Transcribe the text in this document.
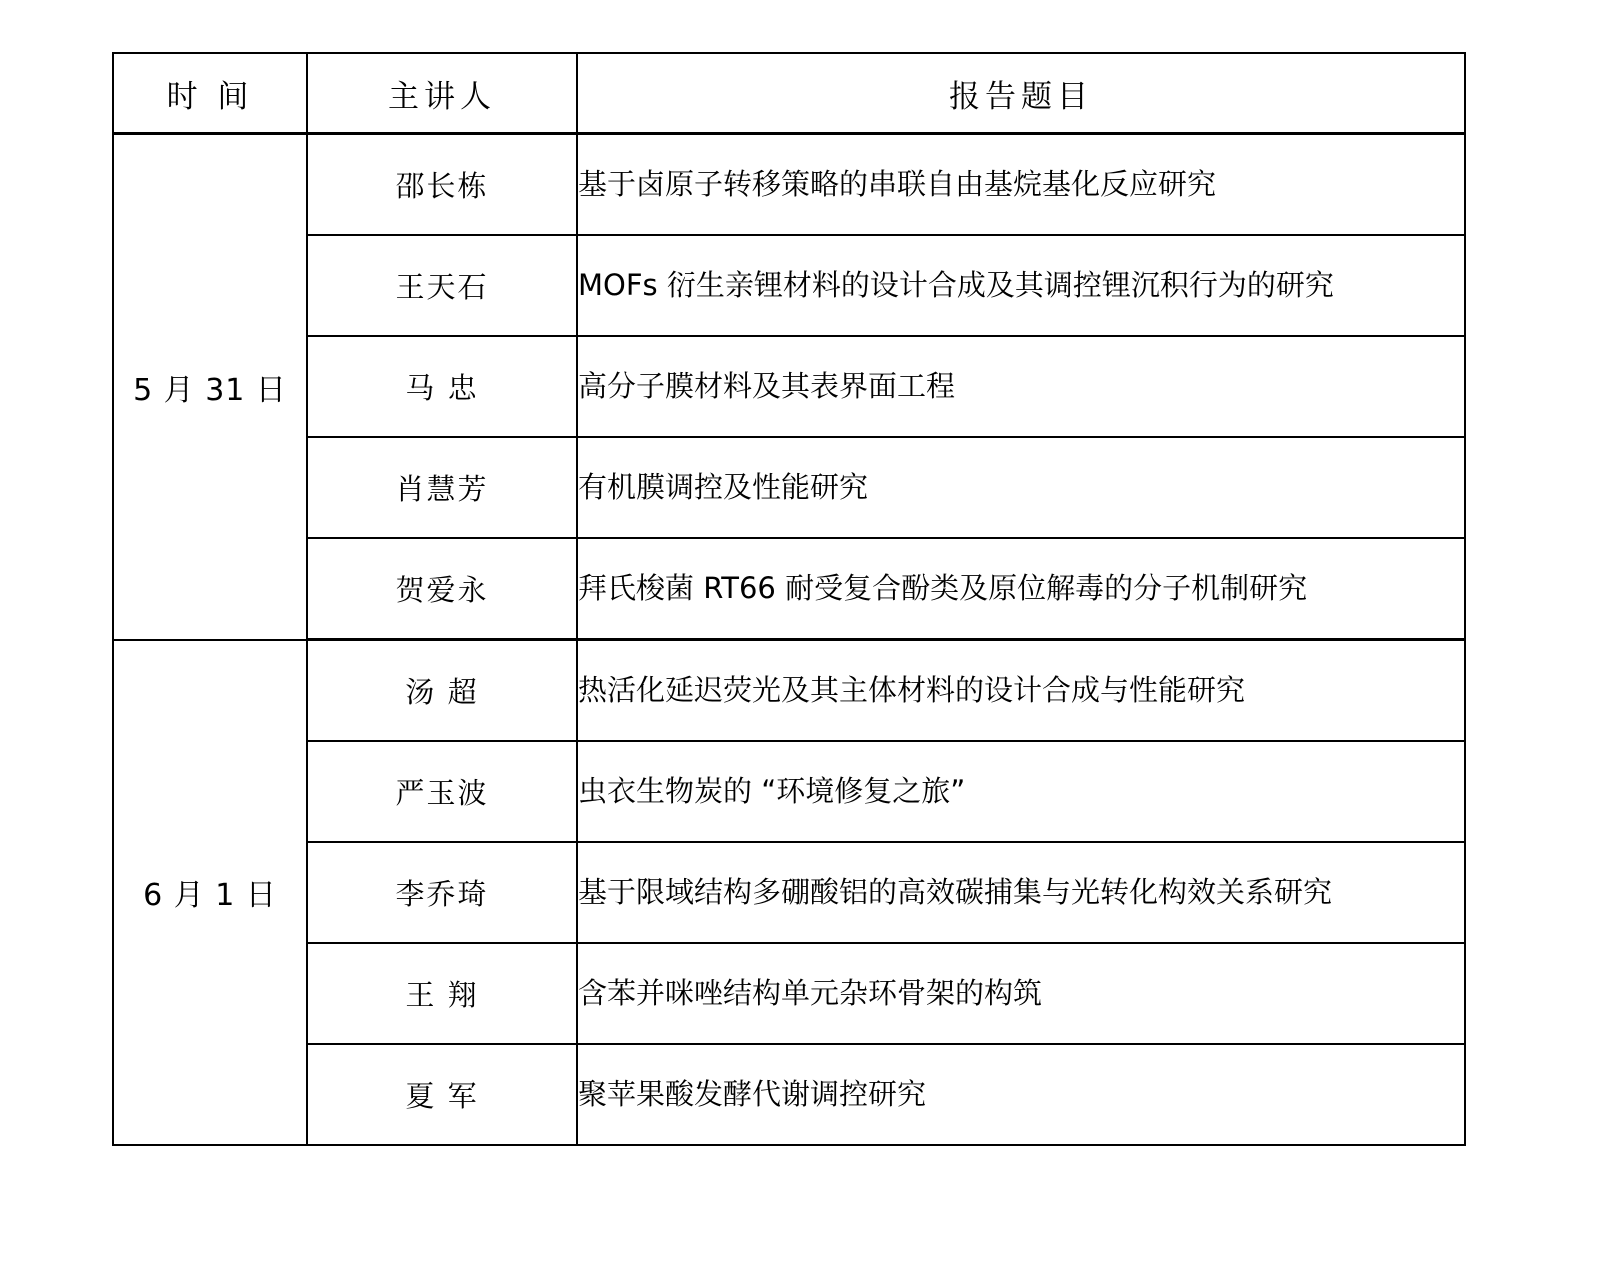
时 间	主讲人	报告题目
5 月 31 日	邵长栋	基于卤原子转移策略的串联自由基烷基化反应研究
	王天石	MOFs 衍生亲锂材料的设计合成及其调控锂沉积行为的研究
	马 忠	高分子膜材料及其表界面工程
	肖慧芳	有机膜调控及性能研究
	贺爱永	拜氏梭菌 RT66 耐受复合酚类及原位解毒的分子机制研究
6 月 1 日	汤 超	热活化延迟荧光及其主体材料的设计合成与性能研究
	严玉波	虫衣生物炭的 “环境修复之旅”
	李乔琦	基于限域结构多硼酸铝的高效碳捕集与光转化构效关系研究
	王 翔	含苯并咪唑结构单元杂环骨架的构筑
	夏 军	聚苹果酸发酵代谢调控研究
